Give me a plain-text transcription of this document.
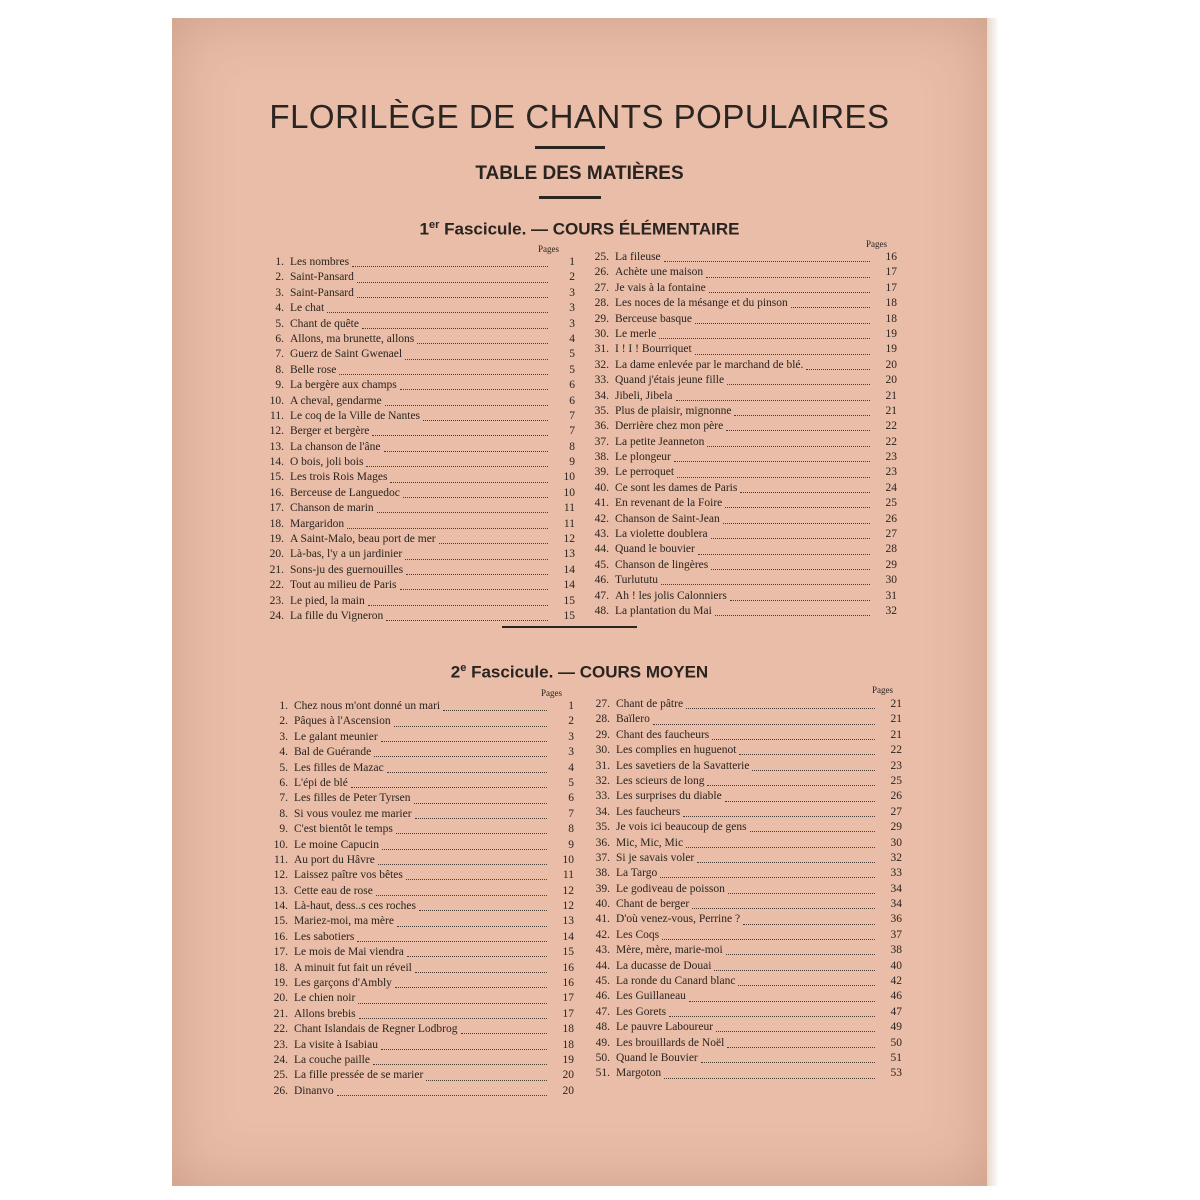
FLORILÈGE DE CHANTS POPULAIRES
TABLE DES MATIÈRES
1er Fascicule. — COURS ÉLÉMENTAIRE
Pages	Pages
1. Les nombres	1
2. Saint-Pansard	2
3. Saint-Pansard	3
4. Le chat	3
5. Chant de quête	3
6. Allons, ma brunette, allons	4
7. Guerz de Saint Gwenael	5
8. Belle rose	5
9. La bergère aux champs	6
10. A cheval, gendarme	6
11. Le coq de la Ville de Nantes	7
12. Berger et bergère	7
13. La chanson de l'âne	8
14. O bois, joli bois	9
15. Les trois Rois Mages	10
16. Berceuse de Languedoc	10
17. Chanson de marin	11
18. Margaridon	11
19. A Saint-Malo, beau port de mer	12
20. Là-bas, l'y a un jardinier	13
21. Sons-ju des guernouilles	14
22. Tout au milieu de Paris	14
23. Le pied, la main	15
24. La fille du Vigneron	15
25. La fileuse	16
26. Achète une maison	17
27. Je vais à la fontaine	17
28. Les noces de la mésange et du pinson	18
29. Berceuse basque	18
30. Le merle	19
31. I ! I ! Bourriquet	19
32. La dame enlevée par le marchand de blé.	20
33. Quand j'étais jeune fille	20
34. Jibeli, Jibela	21
35. Plus de plaisir, mignonne	21
36. Derrière chez mon père	22
37. La petite Jeanneton	22
38. Le plongeur	23
39. Le perroquet	23
40. Ce sont les dames de Paris	24
41. En revenant de la Foire	25
42. Chanson de Saint-Jean	26
43. La violette doublera	27
44. Quand le bouvier	28
45. Chanson de lingères	29
46. Turlututu	30
47. Ah ! les jolis Calonniers	31
48. La plantation du Mai	32
2e Fascicule. — COURS MOYEN
Pages	Pages
1. Chez nous m'ont donné un mari	1
2. Pâques à l'Ascension	2
3. Le galant meunier	3
4. Bal de Guérande	3
5. Les filles de Mazac	4
6. L'épi de blé	5
7. Les filles de Peter Tyrsen	6
8. Si vous voulez me marier	7
9. C'est bientôt le temps	8
10. Le moine Capucin	9
11. Au port du Hâvre	10
12. Laissez paître vos bêtes	11
13. Cette eau de rose	12
14. Là-haut, dess..s ces roches	12
15. Mariez-moi, ma mère	13
16. Les sabotiers	14
17. Le mois de Mai viendra	15
18. A minuit fut fait un réveil	16
19. Les garçons d'Ambly	16
20. Le chien noir	17
21. Allons brebis	17
22. Chant Islandais de Regner Lodbrog	18
23. La visite à Isabiau	18
24. La couche paille	19
25. La fille pressée de se marier	20
26. Dinanvo	20
27. Chant de pâtre	21
28. Baïlero	21
29. Chant des faucheurs	21
30. Les complies en huguenot	22
31. Les savetiers de la Savatterie	23
32. Les scieurs de long	25
33. Les surprises du diable	26
34. Les faucheurs	27
35. Je vois ici beaucoup de gens	29
36. Mic, Mic, Mic	30
37. Si je savais voler	32
38. La Targo	33
39. Le godiveau de poisson	34
40. Chant de berger	34
41. D'où venez-vous, Perrine ?	36
42. Les Coqs	37
43. Mère, mère, marie-moi	38
44. La ducasse de Douai	40
45. La ronde du Canard blanc	42
46. Les Guillaneau	46
47. Les Gorets	47
48. Le pauvre Laboureur	49
49. Les brouillards de Noël	50
50. Quand le Bouvier	51
51. Margoton	53
